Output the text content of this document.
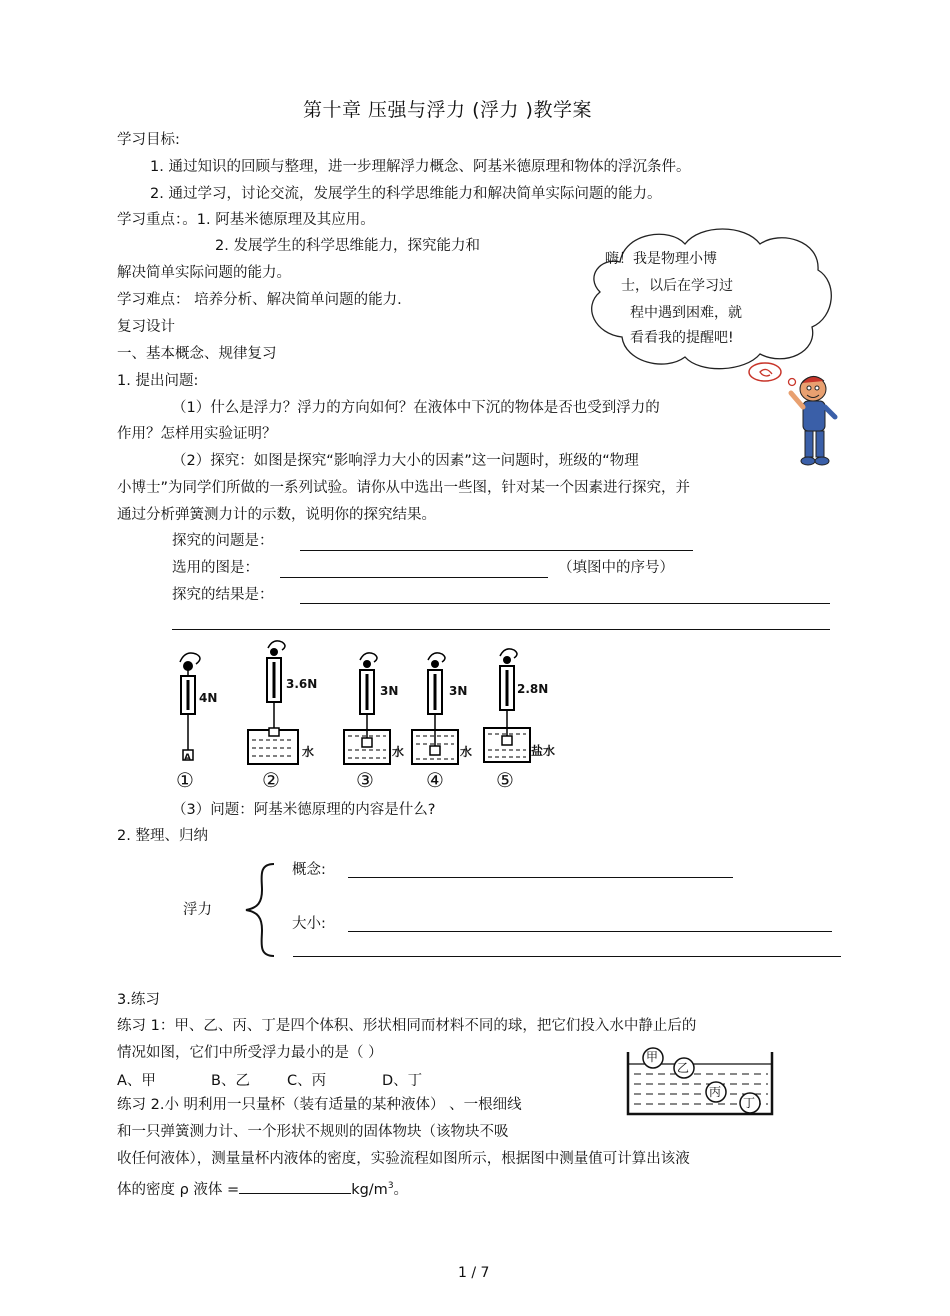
第十章 压强与浮力 (浮力 )教学案
学习目标:
1. 通过知识的回顾与整理，进一步理解浮力概念、阿基米德原理和物体的浮沉条件。
2. 通过学习，讨论交流，发展学生的科学思维能力和解决简单实际问题的能力。
学习重点：。1. 阿基米德原理及其应用。
2. 发展学生的科学思维能力，探究能力和
解决简单实际问题的能力。
学习难点： 培养分析、解决简单问题的能力.
复习设计
一、基本概念、规律复习
1. 提出问题:
（1）什么是浮力？浮力的方向如何？在液体中下沉的物体是否也受到浮力的
作用？怎样用实验证明？
（2）探究：如图是探究“影响浮力大小的因素”这一问题时，班级的“物理
小博士”为同学们所做的一系列试验。请你从中选出一些图，针对某一个因素进行探究，并
通过分析弹簧测力计的示数，说明你的探究结果。
探究的问题是：
选用的图是：	（填图中的序号）
探究的结果是：
嗨！我是物理小博
士，以后在学习过
程中遇到困难，就
看看我的提醒吧!
4N
3.6N	3N	3N	2.8N
A	水	水	水	盐水
①	②	③	④	⑤
（3）问题：阿基米德原理的内容是什么?
2. 整理、归纳
浮力
概念:
大小:
3.练习
练习 1：甲、乙、丙、丁是四个体积、形状相同而材料不同的球，把它们投入水中静止后的
情况如图，它们中所受浮力最小的是（ ）
A、甲	B、乙	C、丙	D、丁
甲
乙
丙
丁
练习 2.小 明利用一只量杯（装有适量的某种液体） 、一根细线
和一只弹簧测力计、一个形状不规则的固体物块（该物块不吸
收任何液体），测量量杯内液体的密度，实验流程如图所示，根据图中测量值可计算出该液
体的密度 ρ 液体 =	$kg/m^3$。
1 / 7
